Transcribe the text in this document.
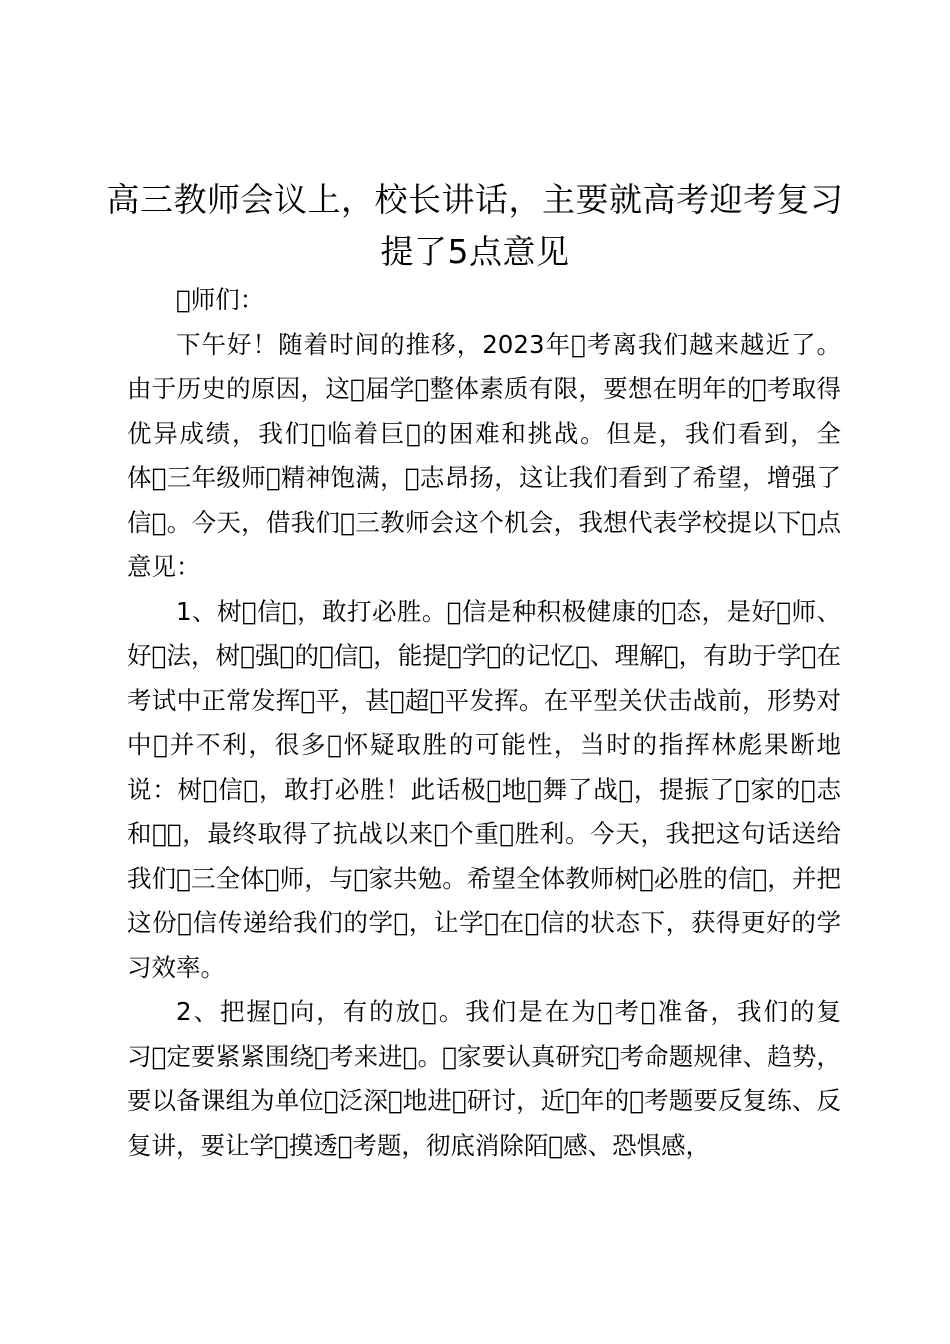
高三教师会议上，校长讲话，主要就高考迎考复习提了5点意见

 师们：

下午好！随着时间的推移，2023年 考离我们越来越近了。由于历史的原因，这 届学 整体素质有限，要想在明年的 考取得优异成绩，我们 临着巨 的困难和挑战。但是，我们看到，全体 三年级师 精神饱满， 志昂扬，这让我们看到了希望，增强了信 。今天，借我们 三教师会这个机会，我想代表学校提以下 点意见：

1、树 信 ，敢打必胜。 信是种积极健康的 态，是好 师、好 法，树 强 的 信 ，能提 学 的记忆 、理解 ，有助于学 在考试中正常发挥 平，甚 超 平发挥。在平型关伏击战前，形势对中 并不利，很多 怀疑取胜的可能性，当时的指挥林彪果断地说：树 信 ，敢打必胜！此话极 地 舞了战 ，提振了 家的 志和  ，最终取得了抗战以来 个重 胜利。今天，我把这句话送给我们 三全体 师，与 家共勉。希望全体教师树 必胜的信 ，并把这份 信传递给我们的学 ，让学 在 信的状态下，获得更好的学习效率。

2、把握 向，有的放 。我们是在为 考 准备，我们的复习 定要紧紧围绕 考来进 。 家要认真研究 考命题规律、趋势，要以备课组为单位 泛深 地进 研讨，近 年的 考题要反复练、反复讲，要让学 摸透 考题，彻底消除陌 感、恐惧感，
